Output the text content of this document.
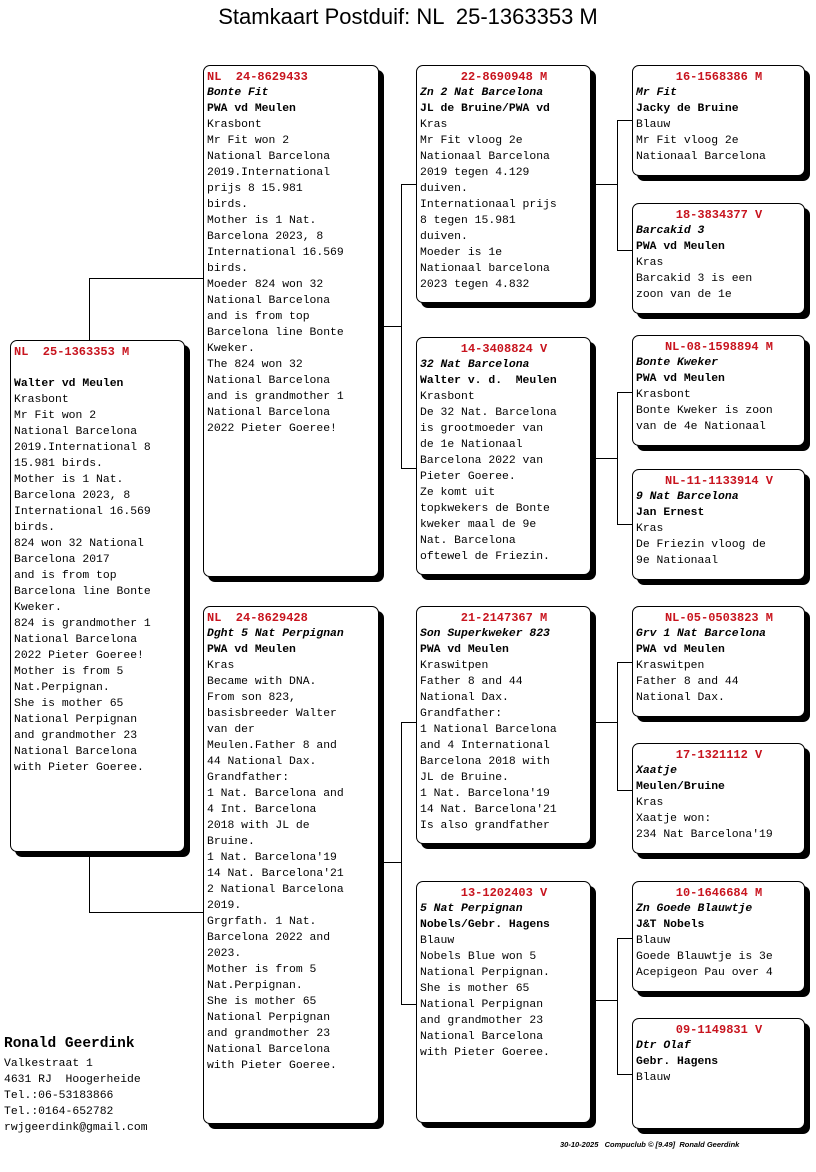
Stamkaart Postduif: NL  25-1363353 M
NL  25-1363353 M
Walter vd Meulen
Krasbont
Mr Fit won 2
National Barcelona
2019.International 8
15.981 birds.
Mother is 1 Nat.
Barcelona 2023, 8
International 16.569
birds.
824 won 32 National
Barcelona 2017
and is from top
Barcelona line Bonte
Kweker.
824 is grandmother 1
National Barcelona
2022 Pieter Goeree!
Mother is from 5
Nat.Perpignan.
She is mother 65
National Perpignan
and grandmother 23
National Barcelona
with Pieter Goeree.
NL  24-8629433
Bonte Fit
PWA vd Meulen
Krasbont
Mr Fit won 2
National Barcelona
2019.International
prijs 8 15.981
birds.
Mother is 1 Nat.
Barcelona 2023, 8
International 16.569
birds.
Moeder 824 won 32
National Barcelona
and is from top
Barcelona line Bonte
Kweker.
The 824 won 32
National Barcelona
and is grandmother 1
National Barcelona
2022 Pieter Goeree!
NL  24-8629428
Dght 5 Nat Perpignan
PWA vd Meulen
Kras
Became with DNA.
From son 823,
basisbreeder Walter
van der
Meulen.Father 8 and
44 National Dax.
Grandfather:
1 Nat. Barcelona and
4 Int. Barcelona
2018 with JL de
Bruine.
1 Nat. Barcelona'19
14 Nat. Barcelona'21
2 National Barcelona
2019.
Grgrfath. 1 Nat.
Barcelona 2022 and
2023.
Mother is from 5
Nat.Perpignan.
She is mother 65
National Perpignan
and grandmother 23
National Barcelona
with Pieter Goeree.
22-8690948 M
Zn 2 Nat Barcelona
JL de Bruine/PWA vd
Kras
Mr Fit vloog 2e
Nationaal Barcelona
2019 tegen 4.129
duiven.
Internationaal prijs
8 tegen 15.981
duiven.
Moeder is 1e
Nationaal barcelona
2023 tegen 4.832
14-3408824 V
32 Nat Barcelona
Walter v. d.  Meulen
Krasbont
De 32 Nat. Barcelona
is grootmoeder van
de 1e Nationaal
Barcelona 2022 van
Pieter Goeree.
Ze komt uit
topkwekers de Bonte
kweker maal de 9e
Nat. Barcelona
oftewel de Friezin.
21-2147367 M
Son Superkweker 823
PWA vd Meulen
Kraswitpen
Father 8 and 44
National Dax.
Grandfather:
1 National Barcelona
and 4 International
Barcelona 2018 with
JL de Bruine.
1 Nat. Barcelona'19
14 Nat. Barcelona'21
Is also grandfather
13-1202403 V
5 Nat Perpignan
Nobels/Gebr. Hagens
Blauw
Nobels Blue won 5
National Perpignan.
She is mother 65
National Perpignan
and grandmother 23
National Barcelona
with Pieter Goeree.
16-1568386 M
Mr Fit
Jacky de Bruine
Blauw
Mr Fit vloog 2e
Nationaal Barcelona
18-3834377 V
Barcakid 3
PWA vd Meulen
Kras
Barcakid 3 is een
zoon van de 1e
NL-08-1598894 M
Bonte Kweker
PWA vd Meulen
Krasbont
Bonte Kweker is zoon
van de 4e Nationaal
NL-11-1133914 V
9 Nat Barcelona
Jan Ernest
Kras
De Friezin vloog de
9e Nationaal
NL-05-0503823 M
Grv 1 Nat Barcelona
PWA vd Meulen
Kraswitpen
Father 8 and 44
National Dax.
17-1321112 V
Xaatje
Meulen/Bruine
Kras
Xaatje won:
234 Nat Barcelona'19
10-1646684 M
Zn Goede Blauwtje
J&T Nobels
Blauw
Goede Blauwtje is 3e
Acepigeon Pau over 4
09-1149831 V
Dtr Olaf
Gebr. Hagens
Blauw
Ronald Geerdink
Valkestraat 1
4631 RJ  Hoogerheide
Tel.:06-53183866
Tel.:0164-652782
rwjgeerdink@gmail.com
30-10-2025   Compuclub © [9.49]  Ronald Geerdink
